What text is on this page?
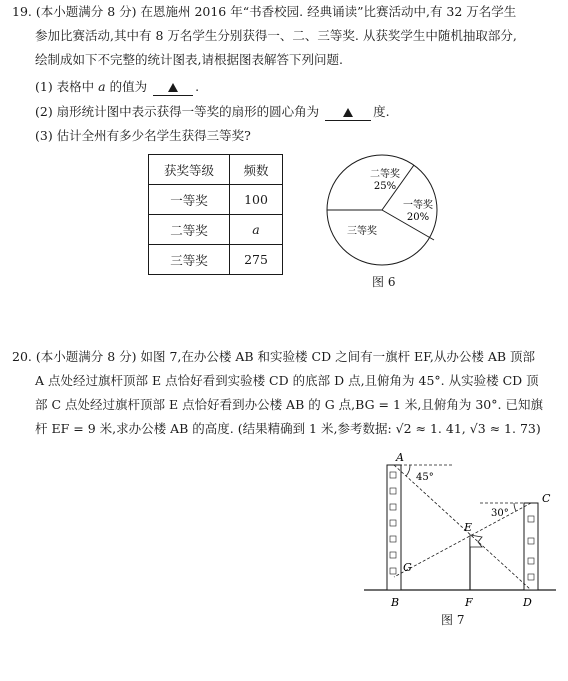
19. (本小题满分 8 分) 在恩施州 2016 年“书香校园. 经典诵读”比赛活动中,有 32 万名学生
参加比赛活动,其中有 8 万名学生分别获得一、二、三等奖. 从获奖学生中随机抽取部分,
绘制成如下不完整的统计图表,请根据图表解答下列问题.
(1) 表格中 a 的值为	.
(2) 扇形统计图中表示获得一等奖的扇形的圆心角为	度.
(3) 估计全州有多少名学生获得三等奖?
获奖等级	频数
一等奖	100
二等奖	a
三等奖	275
二等奖
25%
一等奖
20%
三等奖
图 6
20. (本小题满分 8 分) 如图 7,在办公楼 AB 和实验楼 CD 之间有一旗杆 EF,从办公楼 AB 顶部
A 点处经过旗杆顶部 E 点恰好看到实验楼 CD 的底部 D 点,且俯角为 45°. 从实验楼 CD 顶
部 C 点处经过旗杆顶部 E 点恰好看到办公楼 AB 的 G 点,BG = 1 米,且俯角为 30°. 已知旗
杆 EF = 9 米,求办公楼 AB 的高度. (结果精确到 1 米,参考数据: √2 ≈ 1. 41, √3 ≈ 1. 73)
A
B
C
D
E
F
G
45°
30°
图 7
